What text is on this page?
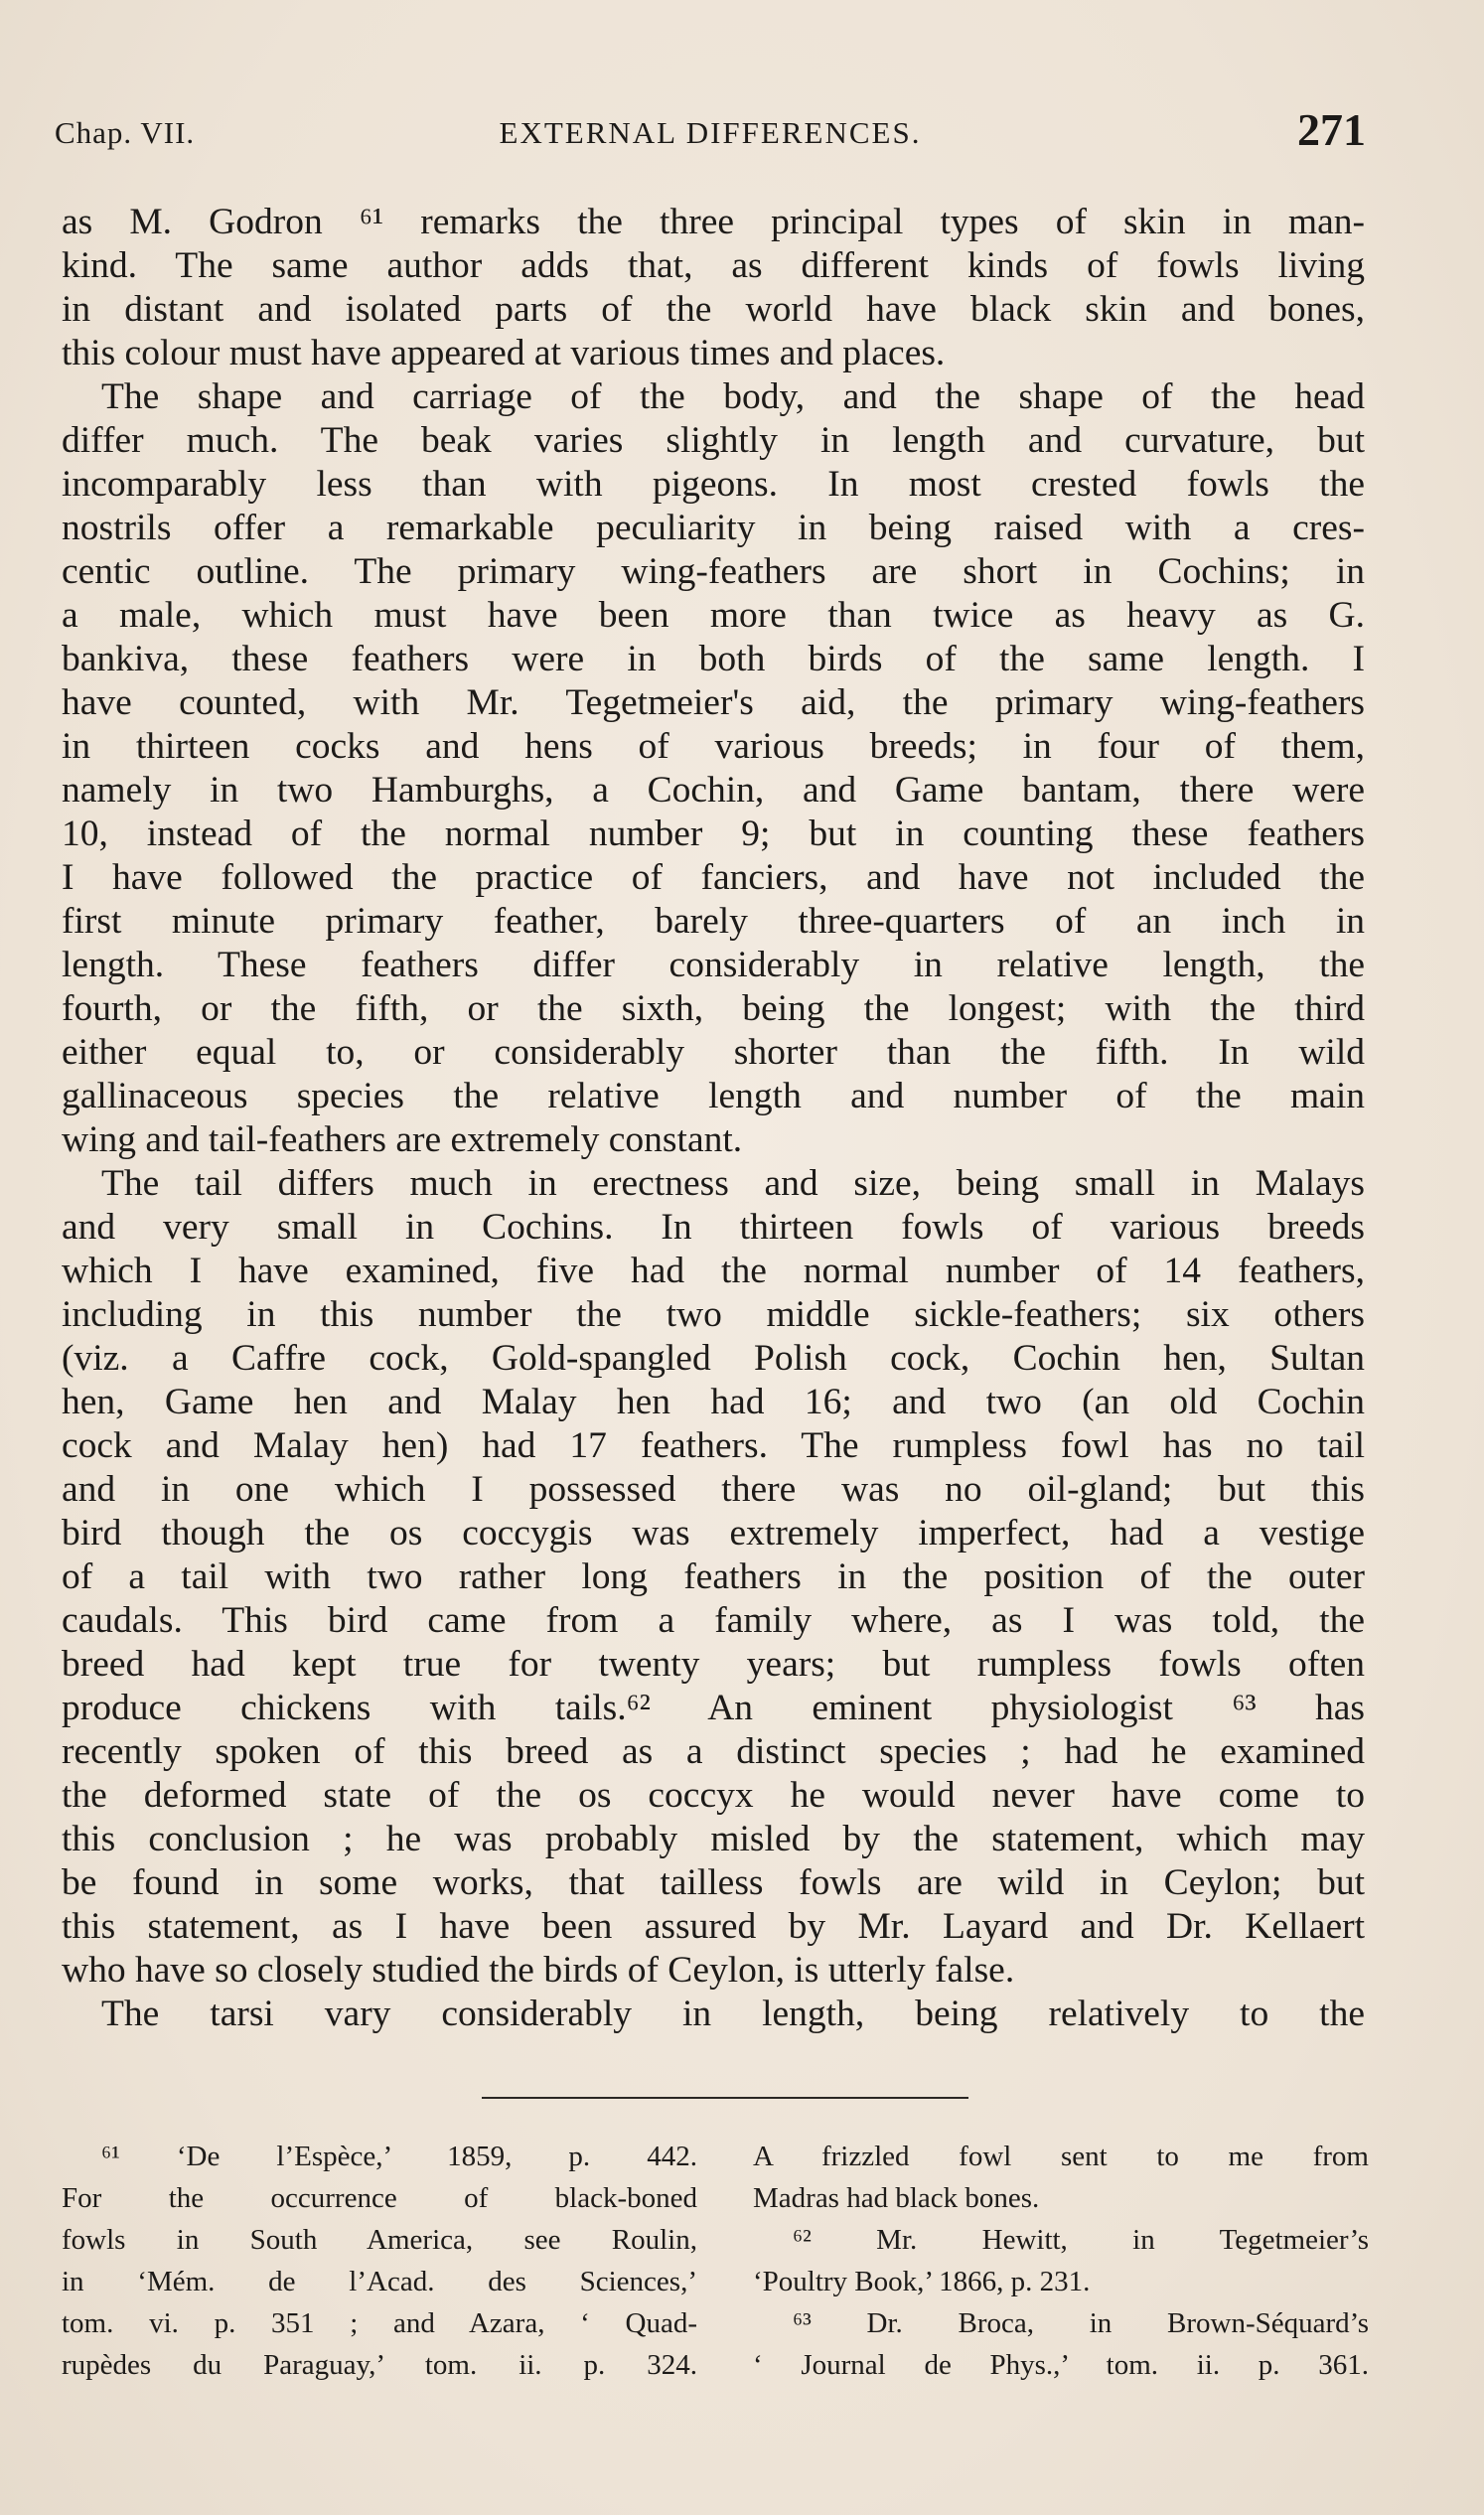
Chap. VII.	EXTERNAL DIFFERENCES.	271
as M. Godron ⁶¹ remarks the three principal types of skin in man-
kind. The same author adds that, as different kinds of fowls living
in distant and isolated parts of the world have black skin and bones,
this colour must have appeared at various times and places.
The shape and carriage of the body, and the shape of the head
differ much. The beak varies slightly in length and curvature, but
incomparably less than with pigeons. In most crested fowls the
nostrils offer a remarkable peculiarity in being raised with a cres-
centic outline. The primary wing-feathers are short in Cochins; in
a male, which must have been more than twice as heavy as G.
bankiva, these feathers were in both birds of the same length. I
have counted, with Mr. Tegetmeier's aid, the primary wing-feathers
in thirteen cocks and hens of various breeds; in four of them,
namely in two Hamburghs, a Cochin, and Game bantam, there were
10, instead of the normal number 9; but in counting these feathers
I have followed the practice of fanciers, and have not included the
first minute primary feather, barely three-quarters of an inch in
length. These feathers differ considerably in relative length, the
fourth, or the fifth, or the sixth, being the longest; with the third
either equal to, or considerably shorter than the fifth. In wild
gallinaceous species the relative length and number of the main
wing and tail-feathers are extremely constant.
The tail differs much in erectness and size, being small in Malays
and very small in Cochins. In thirteen fowls of various breeds
which I have examined, five had the normal number of 14 feathers,
including in this number the two middle sickle-feathers; six others
(viz. a Caffre cock, Gold-spangled Polish cock, Cochin hen, Sultan
hen, Game hen and Malay hen had 16; and two (an old Cochin
cock and Malay hen) had 17 feathers. The rumpless fowl has no tail
and in one which I possessed there was no oil-gland; but this
bird though the os coccygis was extremely imperfect, had a vestige
of a tail with two rather long feathers in the position of the outer
caudals. This bird came from a family where, as I was told, the
breed had kept true for twenty years; but rumpless fowls often
produce chickens with tails.⁶² An eminent physiologist ⁶³ has
recently spoken of this breed as a distinct species ; had he examined
the deformed state of the os coccyx he would never have come to
this conclusion ; he was probably misled by the statement, which may
be found in some works, that tailless fowls are wild in Ceylon; but
this statement, as I have been assured by Mr. Layard and Dr. Kellaert
who have so closely studied the birds of Ceylon, is utterly false.
The tarsi vary considerably in length, being relatively to the
⁶¹ ‘De l’Espèce,’ 1859, p. 442.
For the occurrence of black-boned
fowls in South America, see Roulin,
in ‘Mém. de l’Acad. des Sciences,’
tom. vi. p. 351 ; and Azara, ‘ Quad-
rupèdes du Paraguay,’ tom. ii. p. 324.
A frizzled fowl sent to me from
Madras had black bones.
⁶² Mr. Hewitt, in Tegetmeier’s
‘Poultry Book,’ 1866, p. 231.
⁶³ Dr. Broca, in Brown-Séquard’s
‘ Journal de Phys.,’ tom. ii. p. 361.
